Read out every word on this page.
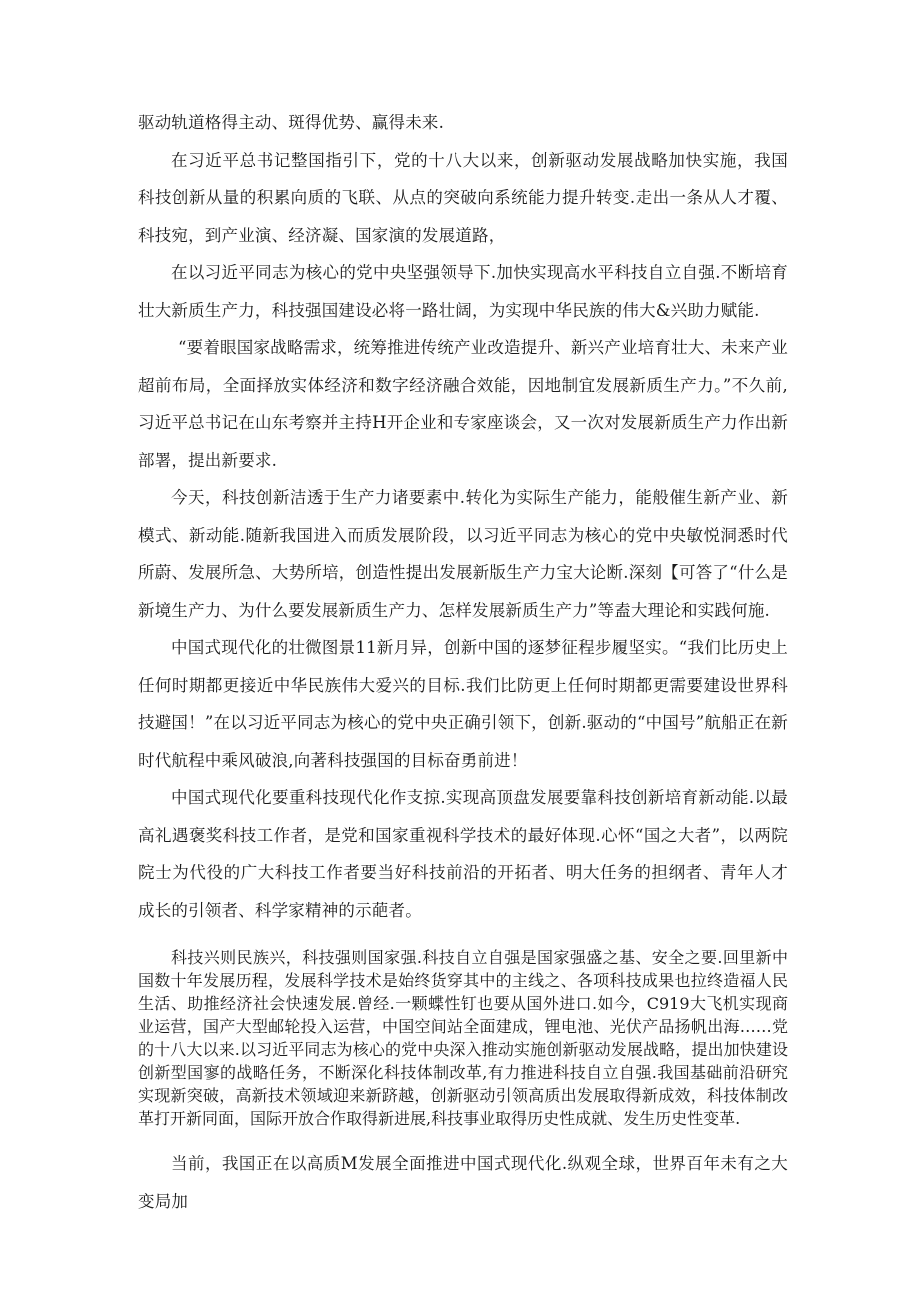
驱动轨道格得主动、斑得优势、赢得未来.

在习近平总书记整国指引下，党的十八大以来，创新驱动发展战略加快实施，我国科技创新从量的积累向质的飞联、从点的突破向系统能力提升转变.走出一条从人才覆、科技宛，到产业演、经济凝、国家演的发展道路，

在以习近平同志为核心的党中央坚强领导下.加快实现高水平科技自立自强.不断培育壮大新质生产力，科技强国建设必将一路壮阔，为实现中华民族的伟大&兴助力赋能.

“要着眼国家战略需求，统筹推进传统产业改造提升、新兴产业培育壮大、未来产业超前布局，全面择放实体经济和数字经济融合效能，因地制宜发展新质生产力。”不久前,习近平总书记在山东考察并主持H开企业和专家座谈会，又一次对发展新质生产力作出新部署，提出新要求.

今天，科技创新洁透于生产力诸要素中.转化为实际生产能力，能般催生新产业、新模式、新动能.随新我国进入而质发展阶段，以习近平同志为核心的党中央敏悦洞悉时代所蔚、发展所急、大势所培，创造性提出发展新版生产力宝大论断.深刻【可答了“什么是新境生产力、为什么要发展新质生产力、怎样发展新质生产力”等盍大理论和实践何施.

中国式现代化的壮微图景11新月异，创新中国的逐梦征程步履坚实。“我们比历史上任何时期都更接近中华民族伟大爱兴的目标.我们比防更上任何时期都更需要建设世界科技避国！”在以习近平同志为核心的党中央正确引领下，创新.驱动的“中国号”航船正在新时代航程中乘风破浪,向著科技强国的目标奋勇前进！

中国式现代化要重科技现代化作支掠.实现高顶盘发展要靠科技创新培育新动能.以最高礼遇褒奖科技工作者，是党和国家重视科学技术的最好体现.心怀“国之大者”，以两院院士为代役的广大科技工作者要当好科技前沿的开拓者、明大任务的担纲者、青年人才成长的引领者、科学家精神的示葩者。

科技兴则民族兴，科技强则国家强.科技自立自强是国家强盛之基、安全之要.回里新中国数十年发展历程，发展科学技术是始终货穿其中的主线之、各项科技成果也拉终造福人民生活、助推经济社会快速发展.曾经.一颗蝶性钉也要从国外进口.如今，C919大飞机实现商业运营，国产大型邮轮投入运营，中国空间站全面建成，锂电池、光伏产品扬帆出海……党的十八大以来.以习近平同志为核心的党中央深入推动实施创新驱动发展战略，提出加快建设创新型国寥的战略任务，不断深化科技体制改革,有力推进科技自立自强.我国基础前沿研究实现新突破，高新技术领域迎来新跻越，创新驱动引领高质出发展取得新成效，科技体制改革打开新同面，国际开放合作取得新进展,科技事业取得历史性成就、发生历史性变革.

当前，我国正在以高质M发展全面推进中国式现代化.纵观全球，世界百年未有之大变局加
